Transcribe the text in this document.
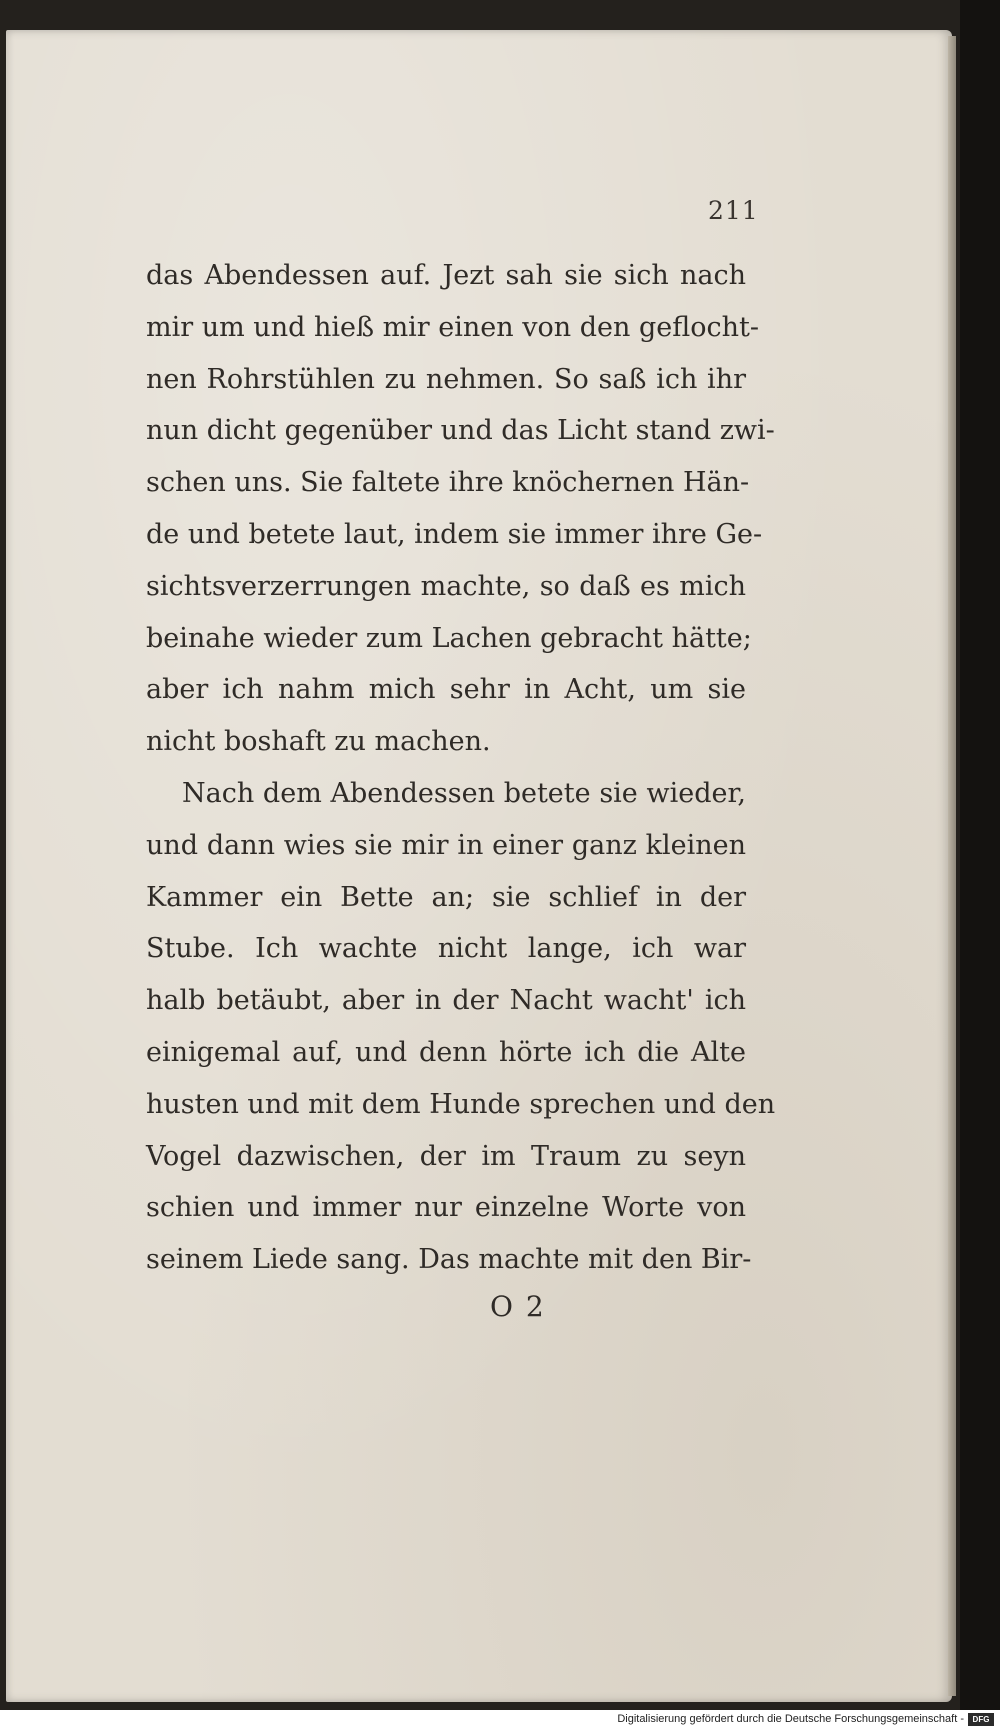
211
das Abendessen auf. Jezt sah sie sich nach
mir um und hieß mir einen von den geflocht-
nen Rohrstühlen zu nehmen. So saß ich ihr
nun dicht gegenüber und das Licht stand zwi-
schen uns. Sie faltete ihre knöchernen Hän-
de und betete laut, indem sie immer ihre Ge-
sichtsverzerrungen machte, so daß es mich
beinahe wieder zum Lachen gebracht hätte;
aber ich nahm mich sehr in Acht, um sie
nicht boshaft zu machen.
Nach dem Abendessen betete sie wieder,
und dann wies sie mir in einer ganz kleinen
Kammer ein Bette an; sie schlief in der
Stube. Ich wachte nicht lange, ich war
halb betäubt, aber in der Nacht wacht' ich
einigemal auf, und denn hörte ich die Alte
husten und mit dem Hunde sprechen und den
Vogel dazwischen, der im Traum zu seyn
schien und immer nur einzelne Worte von
seinem Liede sang. Das machte mit den Bir-
O 2
Digitalisierung gefördert durch die Deutsche Forschungsgemeinschaft -	DFG
